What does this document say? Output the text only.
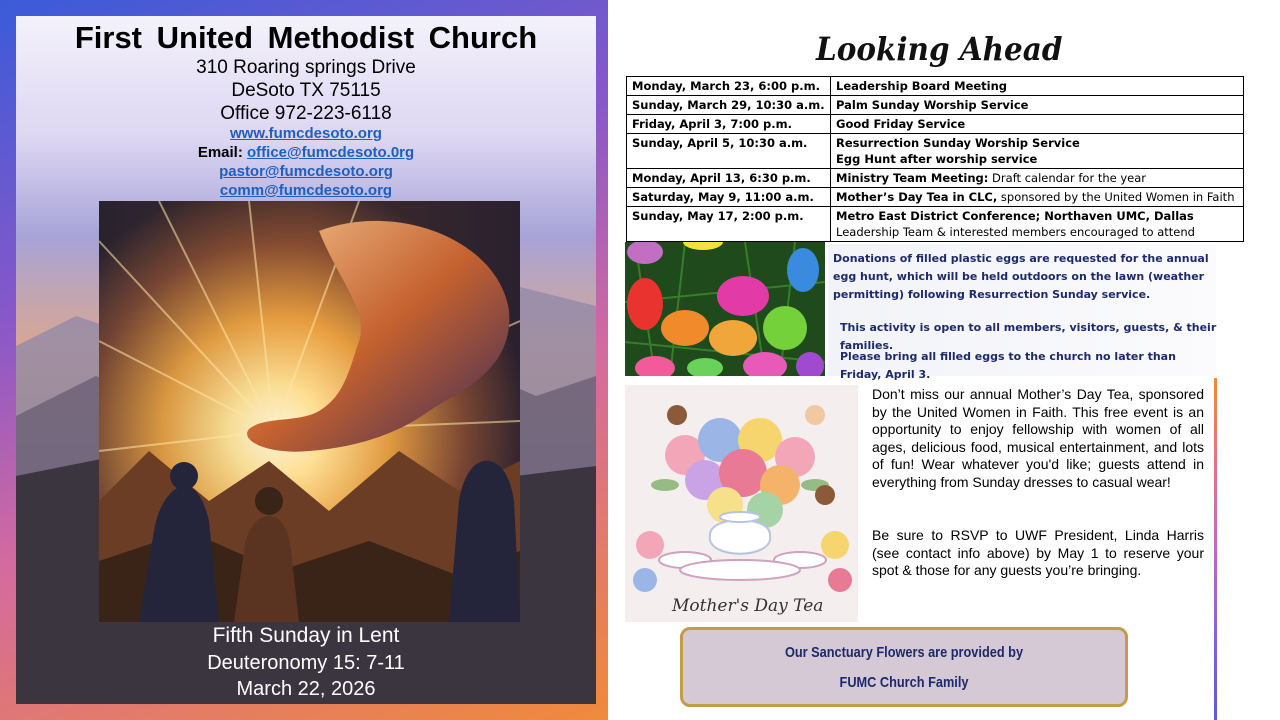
First United Methodist Church
310 Roaring springs Drive
DeSoto TX 75115
Office 972-223-6118
www.fumcdesoto.org
Email: office@fumcdesoto.0rg
pastor@fumcdesoto.org
comm@fumcdesoto.org
Fifth Sunday in Lent
Deuteronomy 15: 7-11
March 22, 2026
Looking Ahead
Monday, March 23, 6:00 p.m.	Leadership Board Meeting
Sunday, March 29, 10:30 a.m.	Palm Sunday Worship Service
Friday, April 3, 7:00 p.m.	Good Friday Service
Sunday, April 5, 10:30 a.m.	Resurrection Sunday Worship Service
Egg Hunt after worship service

Monday, April 13, 6:30 p.m.	Ministry Team Meeting: Draft calendar for the year
Saturday, May 9, 11:00 a.m.	Mother’s Day Tea in CLC, sponsored by the United Women in Faith
Sunday, May 17, 2:00 p.m.	Metro East District Conference; Northaven UMC, Dallas
Leadership Team & interested members encouraged to attend
Donations of filled plastic eggs are requested for the annual egg hunt, which will be held outdoors on the lawn (weather permitting) following Resurrection Sunday service.
This activity is open to all members, visitors, guests, & their families.
Please bring all filled eggs to the church no later than Friday, April 3.
Mother's Day Tea
Don’t miss our annual Mother’s Day Tea, sponsored by the United Women in Faith. This free event is an opportunity to enjoy fellowship with women of all ages, delicious food, musical entertainment, and lots of fun! Wear whatever you'd like; guests attend in everything from Sunday dresses to casual wear!
Be sure to RSVP to UWF President, Linda Harris (see contact info above) by May 1 to reserve your spot & those for any guests you’re bringing.
Our Sanctuary Flowers are provided by
FUMC Church Family
